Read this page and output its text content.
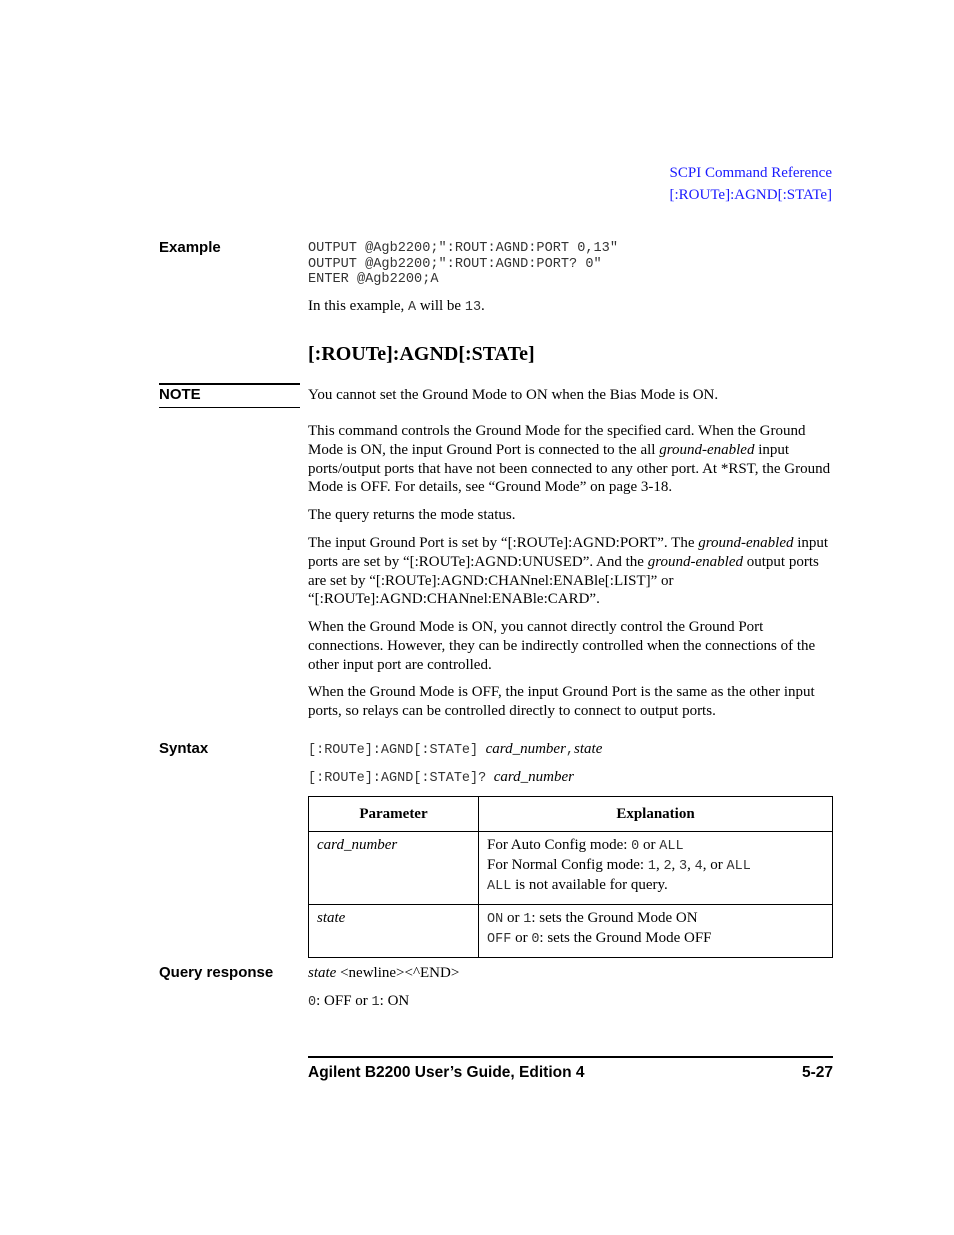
SCPI Command Reference
[:ROUTe]:AGND[:STATe]
Example	OUTPUT @Agb2200;":ROUT:AGND:PORT 0,13"
OUTPUT @Agb2200;":ROUT:AGND:PORT? 0"
ENTER @Agb2200;A
In this example, A will be 13.
[:ROUTe]:AGND[:STATe]
NOTE	You cannot set the Ground Mode to ON when the Bias Mode is ON.
This command controls the Ground Mode for the specified card. When the Ground Mode is ON, the input Ground Port is connected to the all ground-enabled input ports/output ports that have not been connected to any other port. At *RST, the Ground Mode is OFF. For details, see “Ground Mode” on page 3-18.
The query returns the mode status.
The input Ground Port is set by “[:ROUTe]:AGND:PORT”. The ground-enabled input ports are set by “[:ROUTe]:AGND:UNUSED”. And the ground-enabled output ports are set by “[:ROUTe]:AGND:CHANnel:ENABle[:LIST]” or “[:ROUTe]:AGND:CHANnel:ENABle:CARD”.
When the Ground Mode is ON, you cannot directly control the Ground Port connections. However, they can be indirectly controlled when the connections of the other input port are controlled.
When the Ground Mode is OFF, the input Ground Port is the same as the other input ports, so relays can be controlled directly to connect to output ports.
Syntax	[:ROUTe]:AGND[:STATe] card_number,state
[:ROUTe]:AGND[:STATe]? card_number
Parameter	Explanation
card_number	For Auto Config mode: 0 or ALL
For Normal Config mode: 1, 2, 3, 4, or ALL
ALL is not available for query.

state	ON or 1: sets the Ground Mode ON
OFF or 0: sets the Ground Mode OFF
Query response state <newline><^END>
0: OFF or 1: ON
Agilent B2200 User’s Guide, Edition 4	5-27
